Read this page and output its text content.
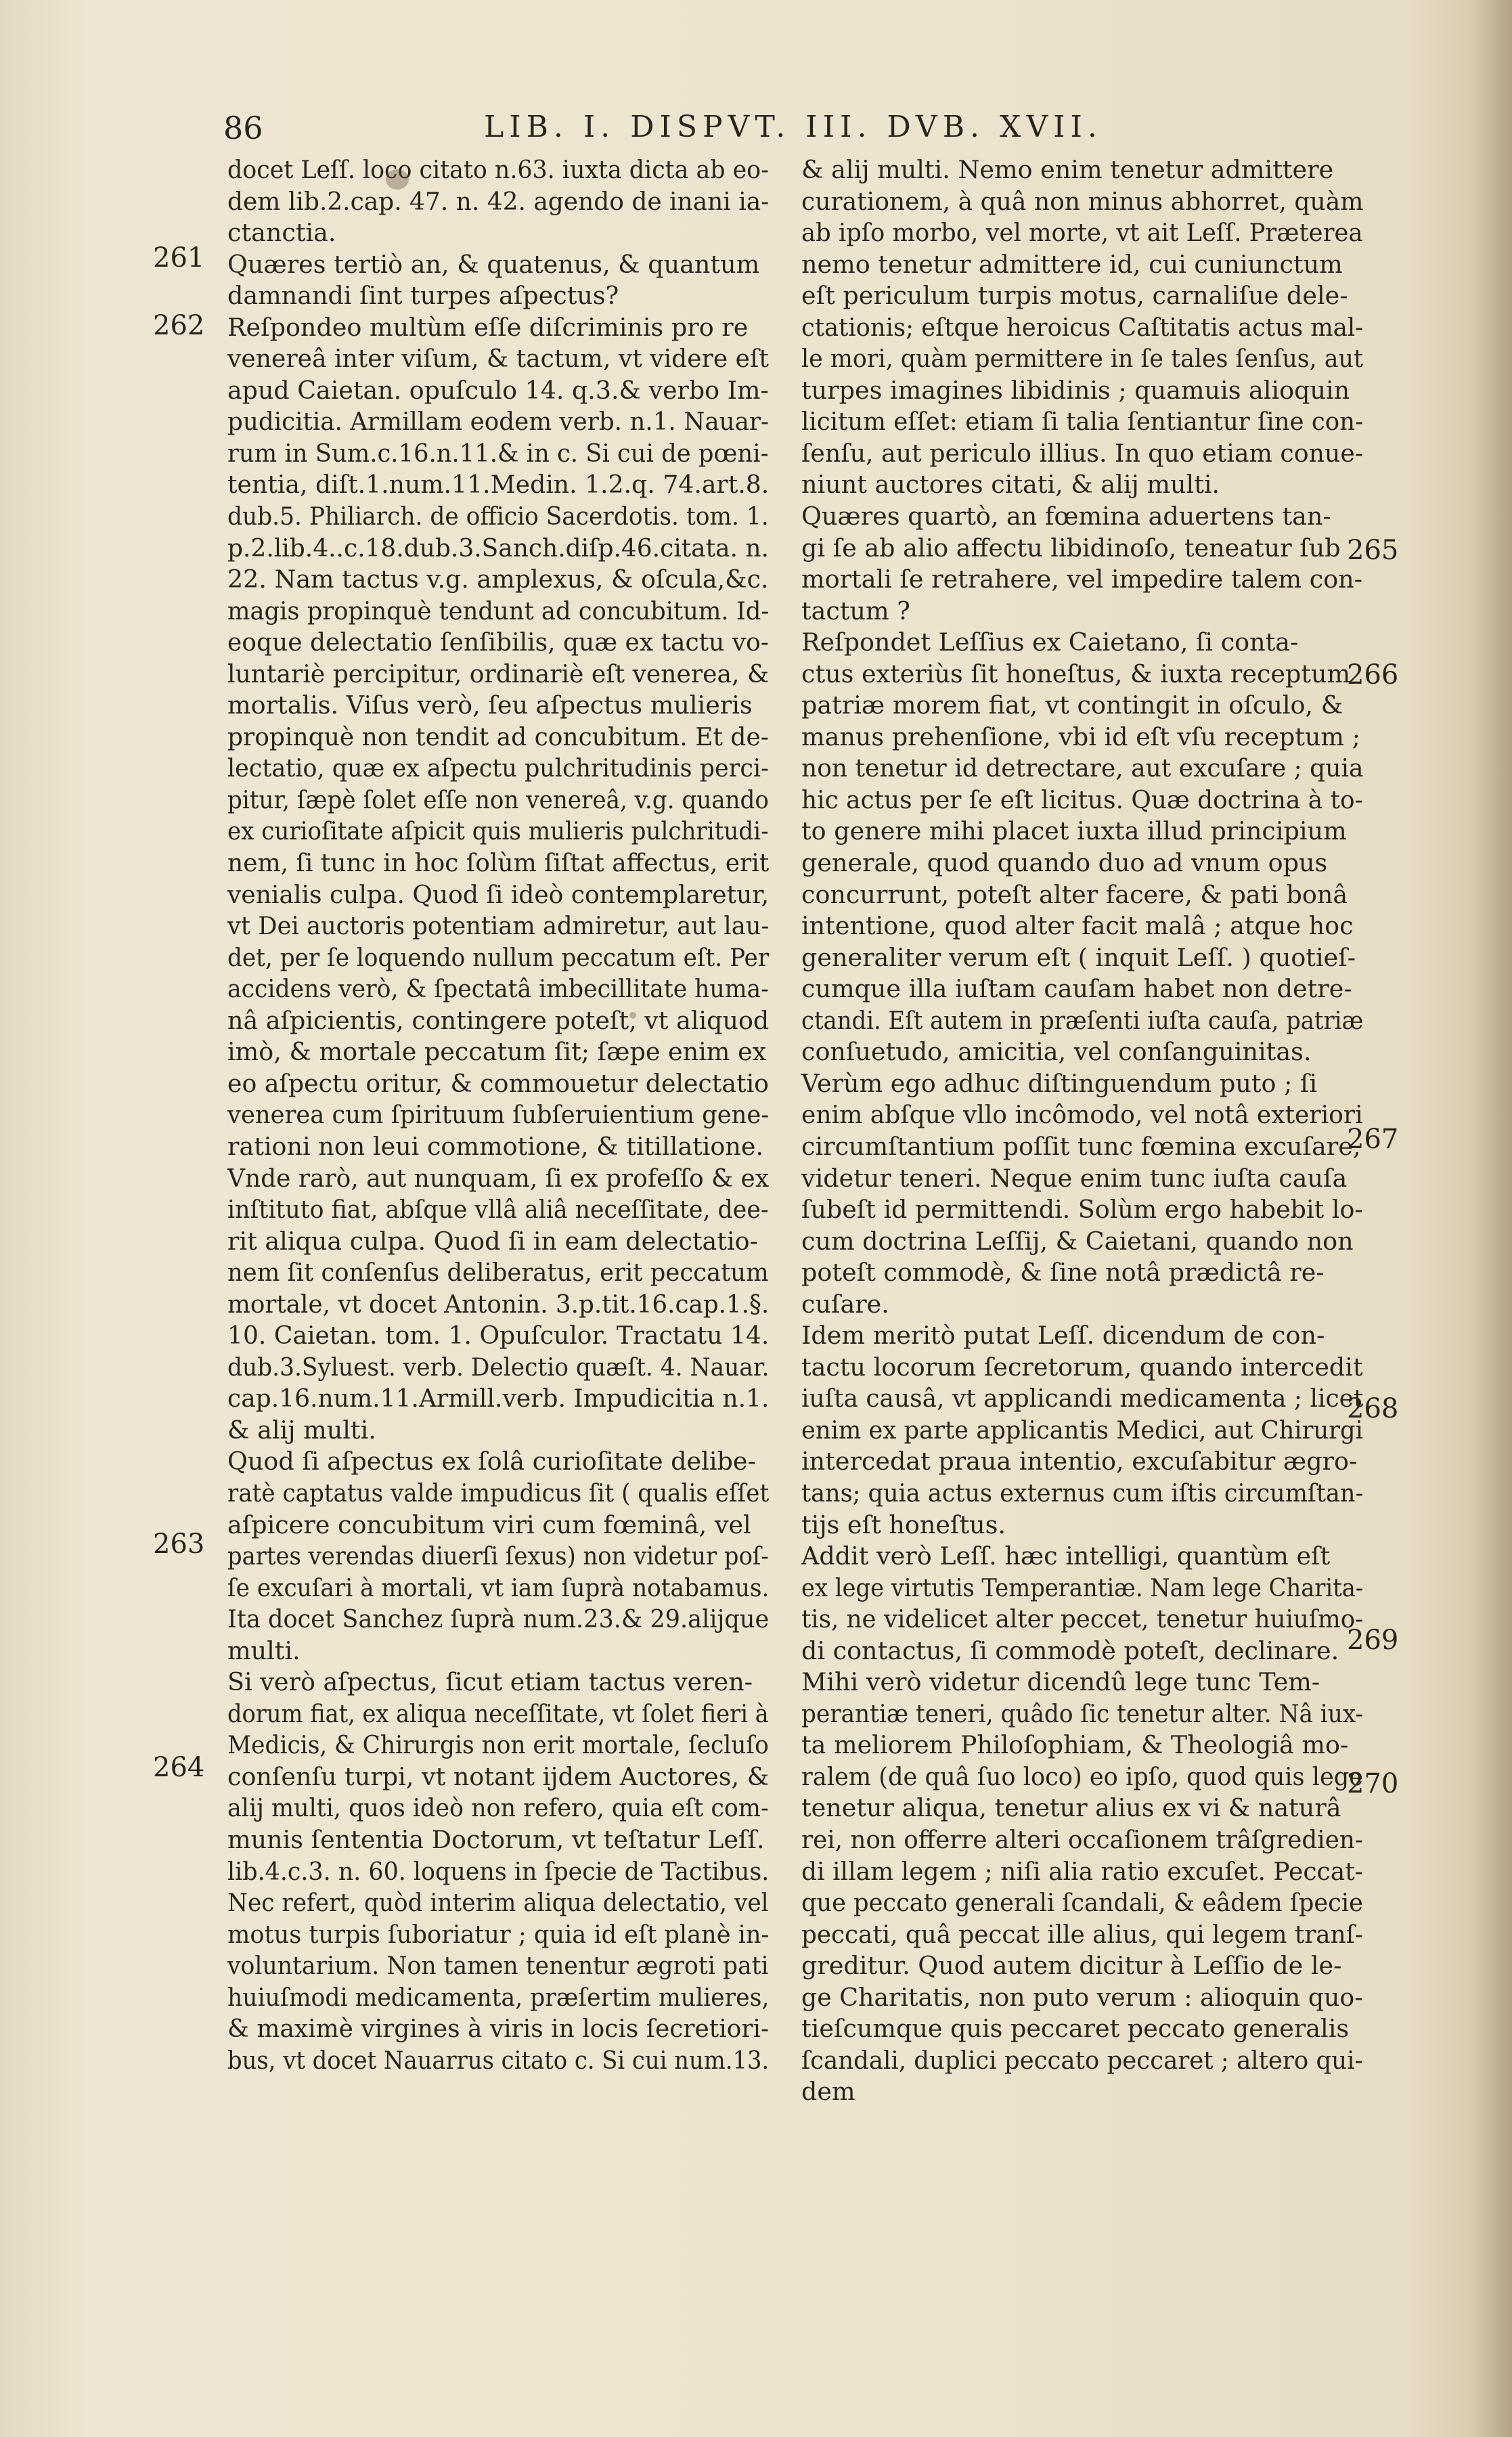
86	LIB. I. DISPVT. III. DVB. XVII.
docet Leſſ. loco citato n.63. iuxta dicta ab eo-
dem lib.2.cap. 47. n. 42. agendo de inani ia-
ctanctia.
Quæres tertiò an, & quatenus, & quantum
damnandi ſint turpes aſpectus?
Reſpondeo multùm eſſe diſcriminis pro re
venereâ inter viſum, & tactum, vt videre eſt
apud Caietan. opuſculo 14. q.3.& verbo Im-
pudicitia. Armillam eodem verb. n.1. Nauar-
rum in Sum.c.16.n.11.& in c. Si cui de pœni-
tentia, diſt.1.num.11.Medin. 1.2.q. 74.art.8.
dub.5. Philiarch. de officio Sacerdotis. tom. 1.
p.2.lib.4..c.18.dub.3.Sanch.diſp.46.citata. n.
22. Nam tactus v.g. amplexus, & oſcula,&c.
magis propinquè tendunt ad concubitum. Id-
eoque delectatio ſenſibilis, quæ ex tactu vo-
luntariè percipitur, ordinariè eſt venerea, &
mortalis. Viſus verò, ſeu aſpectus mulieris
propinquè non tendit ad concubitum. Et de-
lectatio, quæ ex aſpectu pulchritudinis perci-
pitur, ſæpè ſolet eſſe non venereâ, v.g. quando
ex curioſitate aſpicit quis mulieris pulchritudi-
nem, ſi tunc in hoc ſolùm ſiſtat affectus, erit
venialis culpa. Quod ſi ideò contemplaretur,
vt Dei auctoris potentiam admiretur, aut lau-
det, per ſe loquendo nullum peccatum eſt. Per
accidens verò, & ſpectatâ imbecillitate huma-
nâ aſpicientis, contingere poteſt, vt aliquod
imò, & mortale peccatum ſit; ſæpe enim ex
eo aſpectu oritur, & commouetur delectatio
venerea cum ſpirituum ſubſeruientium gene-
rationi non leui commotione, & titillatione.
Vnde rarò, aut nunquam, ſi ex profeſſo & ex
inſtituto fiat, abſque vllâ aliâ neceſſitate, dee-
rit aliqua culpa. Quod ſi in eam delectatio-
nem ſit conſenſus deliberatus, erit peccatum
mortale, vt docet Antonin. 3.p.tit.16.cap.1.§.
10. Caietan. tom. 1. Opuſculor. Tractatu 14.
dub.3.Syluest. verb. Delectio quæſt. 4. Nauar.
cap.16.num.11.Armill.verb. Impudicitia n.1.
& alij multi.
Quod ſi aſpectus ex ſolâ curioſitate delibe-
ratè captatus valde impudicus ſit ( qualis eſſet
aſpicere concubitum viri cum fœminâ, vel
partes verendas diuerſi ſexus) non videtur poſ-
ſe excuſari à mortali, vt iam ſuprà notabamus.
Ita docet Sanchez ſuprà num.23.& 29.alijque
multi.
Si verò aſpectus, ſicut etiam tactus veren-
dorum fiat, ex aliqua neceſſitate, vt ſolet fieri à
Medicis, & Chirurgis non erit mortale, ſecluſo
conſenſu turpi, vt notant ijdem Auctores, &
alij multi, quos ideò non refero, quia eſt com-
munis ſententia Doctorum, vt teſtatur Leſſ.
lib.4.c.3. n. 60. loquens in ſpecie de Tactibus.
Nec refert, quòd interim aliqua delectatio, vel
motus turpis ſuboriatur ; quia id eſt planè in-
voluntarium. Non tamen tenentur ægroti pati
huiuſmodi medicamenta, præſertim mulieres,
& maximè virgines à viris in locis ſecretiori-
bus, vt docet Nauarrus citato c. Si cui num.13.
& alij multi. Nemo enim tenetur admittere
curationem, à quâ non minus abhorret, quàm
ab ipſo morbo, vel morte, vt ait Leſſ. Præterea
nemo tenetur admittere id, cui cuniunctum
eſt periculum turpis motus, carnaliſue dele-
ctationis; eſtque heroicus Caſtitatis actus mal-
le mori, quàm permittere in ſe tales ſenſus, aut
turpes imagines libidinis ; quamuis alioquin
licitum eſſet: etiam ſi talia ſentiantur ſine con-
ſenſu, aut periculo illius. In quo etiam conue-
niunt auctores citati, & alij multi.
Quæres quartò, an fœmina aduertens tan-
gi ſe ab alio affectu libidinoſo, teneatur ſub
mortali ſe retrahere, vel impedire talem con-
tactum ?
Reſpondet Leſſius ex Caietano, ſi conta-
ctus exteriùs ſit honeſtus, & iuxta receptum
patriæ morem fiat, vt contingit in oſculo, &
manus prehenſione, vbi id eſt vſu receptum ;
non tenetur id detrectare, aut excuſare ; quia
hic actus per ſe eſt licitus. Quæ doctrina à to-
to genere mihi placet iuxta illud principium
generale, quod quando duo ad vnum opus
concurrunt, poteſt alter facere, & pati bonâ
intentione, quod alter facit malâ ; atque hoc
generaliter verum eſt ( inquit Leſſ. ) quotieſ-
cumque illa iuſtam cauſam habet non detre-
ctandi. Eſt autem in præſenti iuſta cauſa, patriæ
conſuetudo, amicitia, vel conſanguinitas.
Verùm ego adhuc diſtinguendum puto ; ſi
enim abſque vllo incômodo, vel notâ exteriori
circumſtantium poſſit tunc fœmina excuſare,
videtur teneri. Neque enim tunc iuſta cauſa
ſubeſt id permittendi. Solùm ergo habebit lo-
cum doctrina Leſſij, & Caietani, quando non
poteſt commodè, & ſine notâ prædictâ re-
cuſare.
Idem meritò putat Leſſ. dicendum de con-
tactu locorum ſecretorum, quando intercedit
iuſta causâ, vt applicandi medicamenta ; licet
enim ex parte applicantis Medici, aut Chirurgi
intercedat praua intentio, excuſabitur ægro-
tans; quia actus externus cum iſtis circumſtan-
tijs eſt honeſtus.
Addit verò Leſſ. hæc intelligi, quantùm eſt
ex lege virtutis Temperantiæ. Nam lege Charita-
tis, ne videlicet alter peccet, tenetur huiuſmo-
di contactus, ſi commodè poteſt, declinare.
Mihi verò videtur dicendû lege tunc Tem-
perantiæ teneri, quâdo ſic tenetur alter. Nâ iux-
ta meliorem Philoſophiam, & Theologiâ mo-
ralem (de quâ ſuo loco) eo ipſo, quod quis lege
tenetur aliqua, tenetur alius ex vi & naturâ
rei, non offerre alteri occaſionem trâſgredien-
di illam legem ; niſi alia ratio excuſet. Peccat-
que peccato generali ſcandali, & eâdem ſpecie
peccati, quâ peccat ille alius, qui legem tranſ-
greditur. Quod autem dicitur à Leſſio de le-
ge Charitatis, non puto verum : alioquin quo-
tieſcumque quis peccaret peccato generalis
ſcandali, duplici peccato peccaret ; altero qui-
dem
261
262
263
264
265
266
267
268
269
270
